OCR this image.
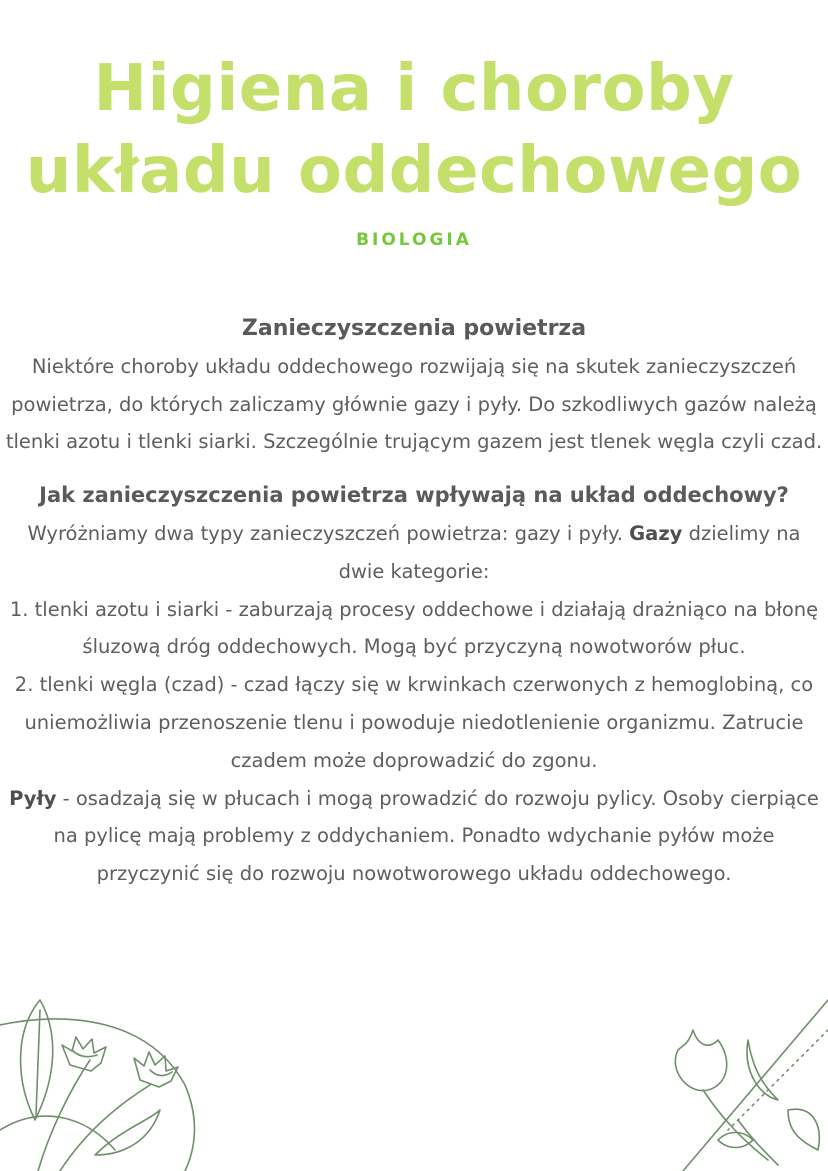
Higiena i choroby
układu oddechowego
BIOLOGIA

Zanieczyszczenia powietrza

Niektóre choroby układu oddechowego rozwijają się na skutek zanieczyszczeń powietrza, do których zaliczamy głównie gazy i pyły. Do szkodliwych gazów należą tlenki azotu i tlenki siarki. Szczególnie trującym gazem jest tlenek węgla czyli czad.

Jak zanieczyszczenia powietrza wpływają na układ oddechowy?

Wyróżniamy dwa typy zanieczyszczeń powietrza: gazy i pyły. Gazy dzielimy na dwie kategorie:

1. tlenki azotu i siarki - zaburzają procesy oddechowe i działają drażniąco na błonę śluzową dróg oddechowych. Mogą być przyczyną nowotworów płuc.

2. tlenki węgla (czad) - czad łączy się w krwinkach czerwonych z hemoglobiną, co uniemożliwia przenoszenie tlenu i powoduje niedotlenienie organizmu. Zatrucie czadem może doprowadzić do zgonu.

Pyły - osadzają się w płucach i mogą prowadzić do rozwoju pylicy. Osoby cierpiące na pylicę mają problemy z oddychaniem. Ponadto wdychanie pyłów może przyczynić się do rozwoju nowotworowego układu oddechowego.
